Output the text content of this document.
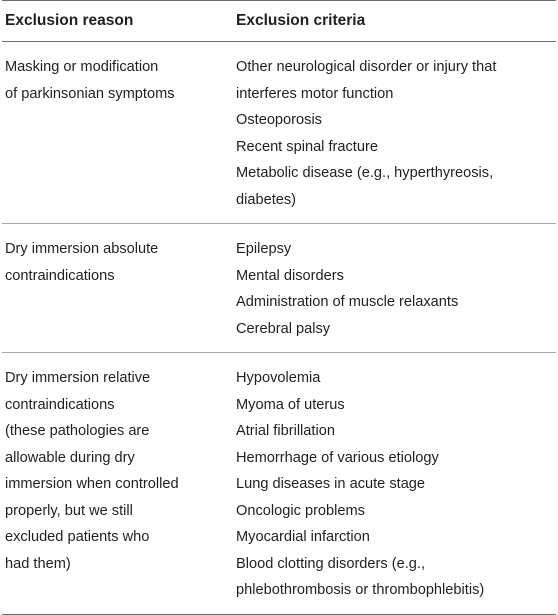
Exclusion reason	Exclusion criteria
Masking or modification
of parkinsonian symptoms
Other neurological disorder or injury that
interferes motor function
Osteoporosis
Recent spinal fracture
Metabolic disease (e.g., hyperthyreosis,
diabetes)
Dry immersion absolute
contraindications
Epilepsy
Mental disorders
Administration of muscle relaxants
Cerebral palsy
Dry immersion relative
contraindications
(these pathologies are
allowable during dry
immersion when controlled
properly, but we still
excluded patients who
had them)
Hypovolemia
Myoma of uterus
Atrial fibrillation
Hemorrhage of various etiology
Lung diseases in acute stage
Oncologic problems
Myocardial infarction
Blood clotting disorders (e.g.,
phlebothrombosis or thrombophlebitis)
